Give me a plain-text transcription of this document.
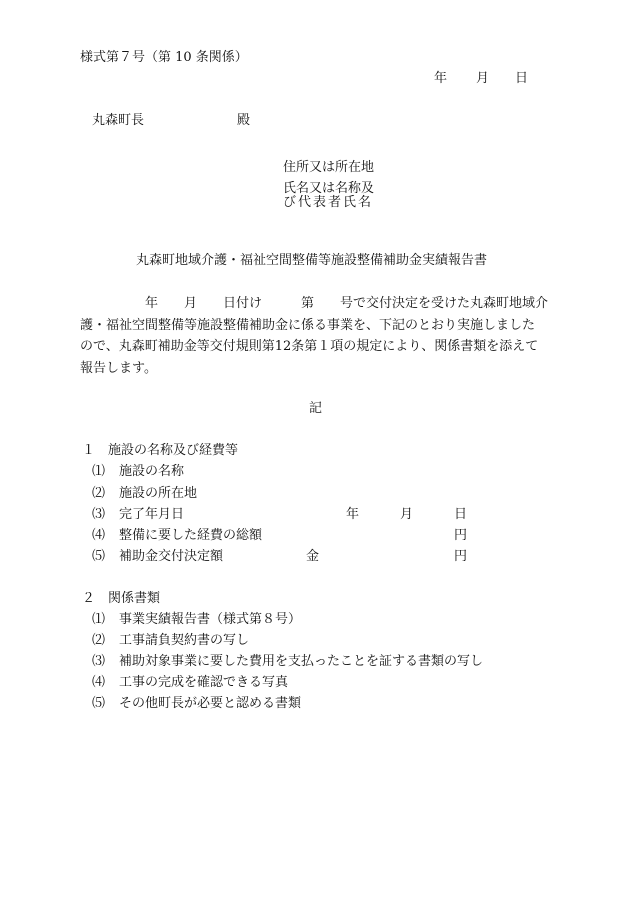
様式第７号（第 10 条関係）
年 月 日
丸森町長	殿
住所又は所在地
氏名又は名称及
び代表者氏名
丸森町地域介護・福祉空間整備等施設整備補助金実績報告書
　　　　　年　　月　　日付け　　　第　　号で交付決定を受けた丸森町地域介
護・福祉空間整備等施設整備補助金に係る事業を、下記のとおり実施しました
ので、丸森町補助金等交付規則第12条第１項の規定により、関係書類を添えて
報告します。
記
１　施設の名称及び経費等
⑴ 施設の名称
⑵ 施設の所在地
⑶ 完了年月日	年	月	日
⑷ 整備に要した経費の総額	円
⑸ 補助金交付決定額	金	円
２　関係書類
⑴ 事業実績報告書（様式第８号）
⑵ 工事請負契約書の写し
⑶ 補助対象事業に要した費用を支払ったことを証する書類の写し
⑷ 工事の完成を確認できる写真
⑸ その他町長が必要と認める書類
